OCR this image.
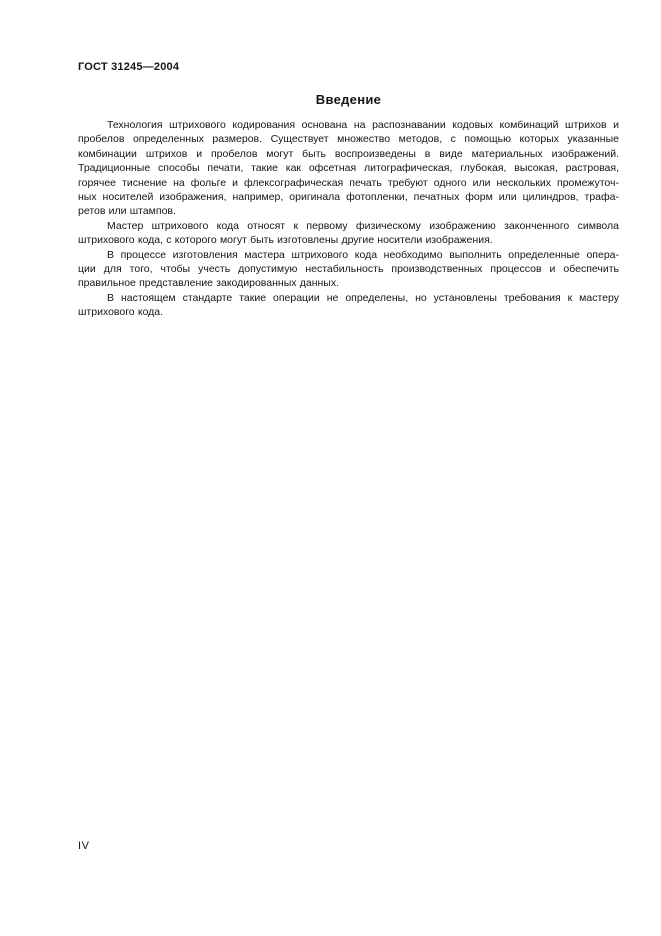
ГОСТ 31245—2004
Введение
Технология штрихового кодирования основана на распознавании кодовых комбинаций штрихов и
пробелов определенных размеров. Существует множество методов, с помощью которых указанные
комбинации штрихов и пробелов могут быть воспроизведены в виде материальных изображений.
Традиционные способы печати, такие как офсетная литографическая, глубокая, высокая, растровая,
горячее тиснение на фольге и флексографическая печать требуют одного или нескольких промежуточ-
ных носителей изображения, например, оригинала фотопленки, печатных форм или цилиндров, трафа-
ретов или штампов.
Мастер штрихового кода относят к первому физическому изображению законченного символа
штрихового кода, с которого могут быть изготовлены другие носители изображения.
В процессе изготовления мастера штрихового кода необходимо выполнить определенные опера-
ции для того, чтобы учесть допустимую нестабильность производственных процессов и обеспечить
правильное представление закодированных данных.
В настоящем стандарте такие операции не определены, но установлены требования к мастеру
штрихового кода.
IV
